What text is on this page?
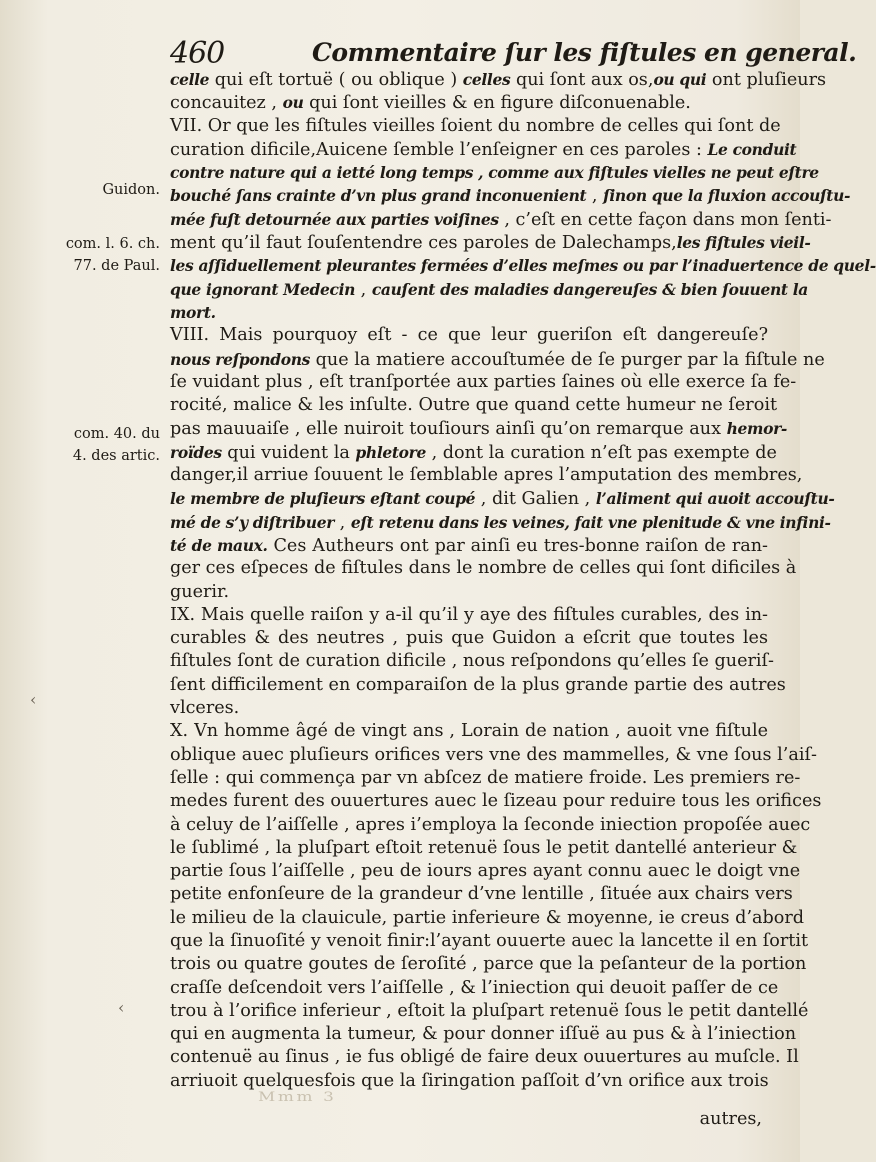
460	Commentaire ſur les fiſtules en general.
Guidon.
com. l. 6. ch.
77. de Paul.
com. 40. du
4. des artic.
celle qui eſt tortuë ( ou oblique ) celles qui ſont aux os,ou qui ont pluſieurs
concauitez , ou qui ſont vieilles & en figure diſconuenable.
VII. Or que les fiſtules vieilles ſoient du nombre de celles qui ſont de
curation dificile,Auicene ſemble l’enſeigner en ces paroles : Le conduit
contre nature qui a ietté long temps , comme aux fiſtules vielles ne peut eſtre
bouché ſans crainte d’vn plus grand inconuenient , ſinon que la fluxion accouſtu-
mée fuſt detournée aux parties voiſines , c’eſt en cette façon dans mon ſenti-
ment qu’il faut ſouſentendre ces paroles de Dalechamps,les fiſtules vieil-
les aſſiduellement pleurantes fermées d’elles meſmes ou par l’inaduertence de quel-
que ignorant Medecin , cauſent des maladies dangereuſes & bien ſouuent la
mort.
VIII. Mais pourquoy eſt - ce que leur gueriſon eſt dangereuſe?
nous reſpondons que la matiere accouſtumée de ſe purger par la fiſtule ne
ſe vuidant plus , eſt tranſportée aux parties ſaines où elle exerce ſa fe-
rocité, malice & les inſulte. Outre que quand cette humeur ne ſeroit
pas mauuaiſe , elle nuiroit touſiours ainſi qu’on remarque aux hemor-
roïdes qui vuident la phletore , dont la curation n’eſt pas exempte de
danger,il arriue ſouuent le ſemblable apres l’amputation des membres,
le membre de pluſieurs eſtant coupé , dit Galien , l’aliment qui auoit accouſtu-
mé de s’y diſtribuer , eſt retenu dans les veines, fait vne plenitude & vne infini-
té de maux. Ces Autheurs ont par ainſi eu tres-bonne raiſon de ran-
ger ces eſpeces de fiſtules dans le nombre de celles qui ſont dificiles à
guerir.
IX. Mais quelle raiſon y a-il qu’il y aye des fiſtules curables, des in-
curables & des neutres , puis que Guidon a eſcrit que toutes les
fiſtules ſont de curation dificile , nous reſpondons qu’elles ſe gueriſ-
ſent difficilement en comparaiſon de la plus grande partie des autres
vlceres.
X. Vn homme âgé de vingt ans , Lorain de nation , auoit vne fiſtule
oblique auec pluſieurs orifices vers vne des mammelles, & vne ſous l’aiſ-
ſelle : qui commença par vn abſcez de matiere froide. Les premiers re-
medes furent des ouuertures auec le ſizeau pour reduire tous les orifices
à celuy de l’aiſſelle , apres i’employa la ſeconde iniection propoſée auec
le ſublimé , la pluſpart eſtoit retenuë ſous le petit dantellé anterieur &
partie ſous l’aiſſelle , peu de iours apres ayant connu auec le doigt vne
petite enfonſeure de la grandeur d’vne lentille , ſituée aux chairs vers
le milieu de la clauicule, partie inferieure & moyenne, ie creus d’abord
que la ſinuoſité y venoit finir:l’ayant ouuerte auec la lancette il en ſortit
trois ou quatre goutes de ſeroſité , parce que la peſanteur de la portion
craſſe deſcendoit vers l’aiſſelle , & l’iniection qui deuoit paſſer de ce
trou à l’orifice inferieur , eſtoit la pluſpart retenuë ſous le petit dantellé
qui en augmenta la tumeur, & pour donner iſſuë au pus & à l’iniection
contenuë au ſinus , ie fus obligé de faire deux ouuertures au muſcle. Il
arriuoit quelquesfois que la ſiringation paſſoit d’vn orifice aux trois
‹
‹
Mmm 3
autres,
